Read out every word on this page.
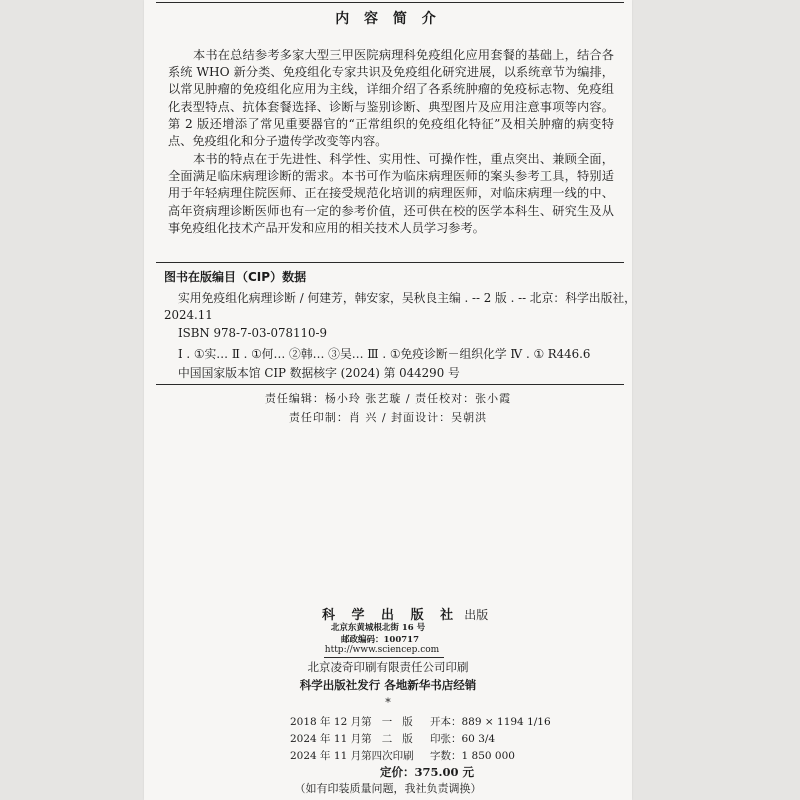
内 容 简 介

本书在总结参考多家大型三甲医院病理科免疫组化应用套餐的基础上，结合各系统 WHO 新分类、免疫组化专家共识及免疫组化研究进展，以系统章节为编排，以常见肿瘤的免疫组化应用为主线，详细介绍了各系统肿瘤的免疫标志物、免疫组化表型特点、抗体套餐选择、诊断与鉴别诊断、典型图片及应用注意事项等内容。第 2 版还增添了常见重要器官的“正常组织的免疫组化特征”及相关肿瘤的病变特点、免疫组化和分子遗传学改变等内容。

本书的特点在于先进性、科学性、实用性、可操作性，重点突出、兼顾全面，全面满足临床病理诊断的需求。本书可作为临床病理医师的案头参考工具，特别适用于年轻病理住院医师、正在接受规范化培训的病理医师，对临床病理一线的中、高年资病理诊断医师也有一定的参考价值，还可供在校的医学本科生、研究生及从事免疫组化技术产品开发和应用的相关技术人员学习参考。

图书在版编目（CIP）数据
实用免疫组化病理诊断 / 何建芳，韩安家，吴秋良主编 . -- 2 版 . -- 北京：科学出版社，
2024.11
ISBN 978-7-03-078110-9
Ⅰ . ①实… Ⅱ . ①何… ②韩… ③吴… Ⅲ . ①免疫诊断－组织化学 Ⅳ . ① R446.6
中国国家版本馆 CIP 数据核字 (2024) 第 044290 号
责任编辑：杨小玲 张艺璇 / 责任校对：张小霞
责任印制：肖 兴 / 封面设计：吴朝洪
科 学 出 版 社 出版
北京东黄城根北街 16 号
邮政编码：100717
http://www.sciencep.com
北京凌奇印刷有限责任公司印刷
科学出版社发行 各地新华书店经销
*
2018 年 12 月第 一 版 开本：889 × 1194 1/16
2024 年 11 月第 二 版 印张：60 3/4
2024 年 11 月第四次印刷 字数：1 850 000
定价：375.00 元
（如有印装质量问题，我社负责调换）
